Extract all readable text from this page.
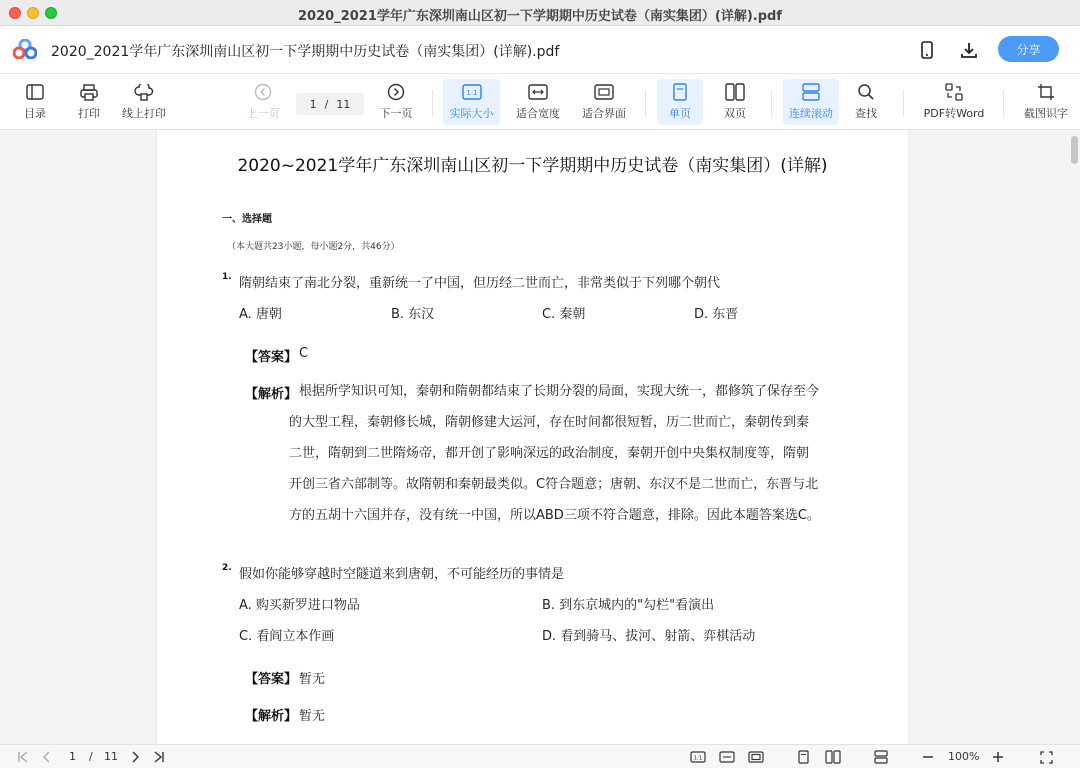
2020_2021学年广东深圳南山区初一下学期期中历史试卷（南实集团）(详解).pdf
2020_2021学年广东深圳南山区初一下学期期中历史试卷（南实集团）(详解).pdf	分享
目录	打印 线上打印	上一页
1 / 11
下一页
1:1
实际大小 适合宽度 适合界面	单页	双页	连续滚动 查找	PDF转Word	截图识字
2020~2021学年广东深圳南山区初一下学期期中历史试卷（南实集团）(详解)
一、选择题
（本大题共23小题，每小题2分，共46分）
1. 隋朝结束了南北分裂，重新统一了中国，但历经二世而亡，非常类似于下列哪个朝代
A. 唐朝	B. 东汉	C. 秦朝	D. 东晋
【答案】 C
【解析】 根据所学知识可知，秦朝和隋朝都结束了长期分裂的局面，实现大统一，都修筑了保存至今
的大型工程，秦朝修长城，隋朝修建大运河，存在时间都很短暂，历二世而亡，秦朝传到秦
二世，隋朝到二世隋炀帝，都开创了影响深远的政治制度，秦朝开创中央集权制度等，隋朝
开创三省六部制等。故隋朝和秦朝最类似。C符合题意；唐朝、东汉不是二世而亡，东晋与北
方的五胡十六国并存，没有统一中国，所以ABD三项不符合题意，排除。因此本题答案选C。
2. 假如你能够穿越时空隧道来到唐朝，不可能经历的事情是
A. 购买新罗进口物品	B. 到东京城内的"勾栏"看演出
C. 看阎立本作画	D. 看到骑马、拔河、射箭、弈棋活动
【答案】 暂无
【解析】 暂无
1 / 11	1:1	100%
